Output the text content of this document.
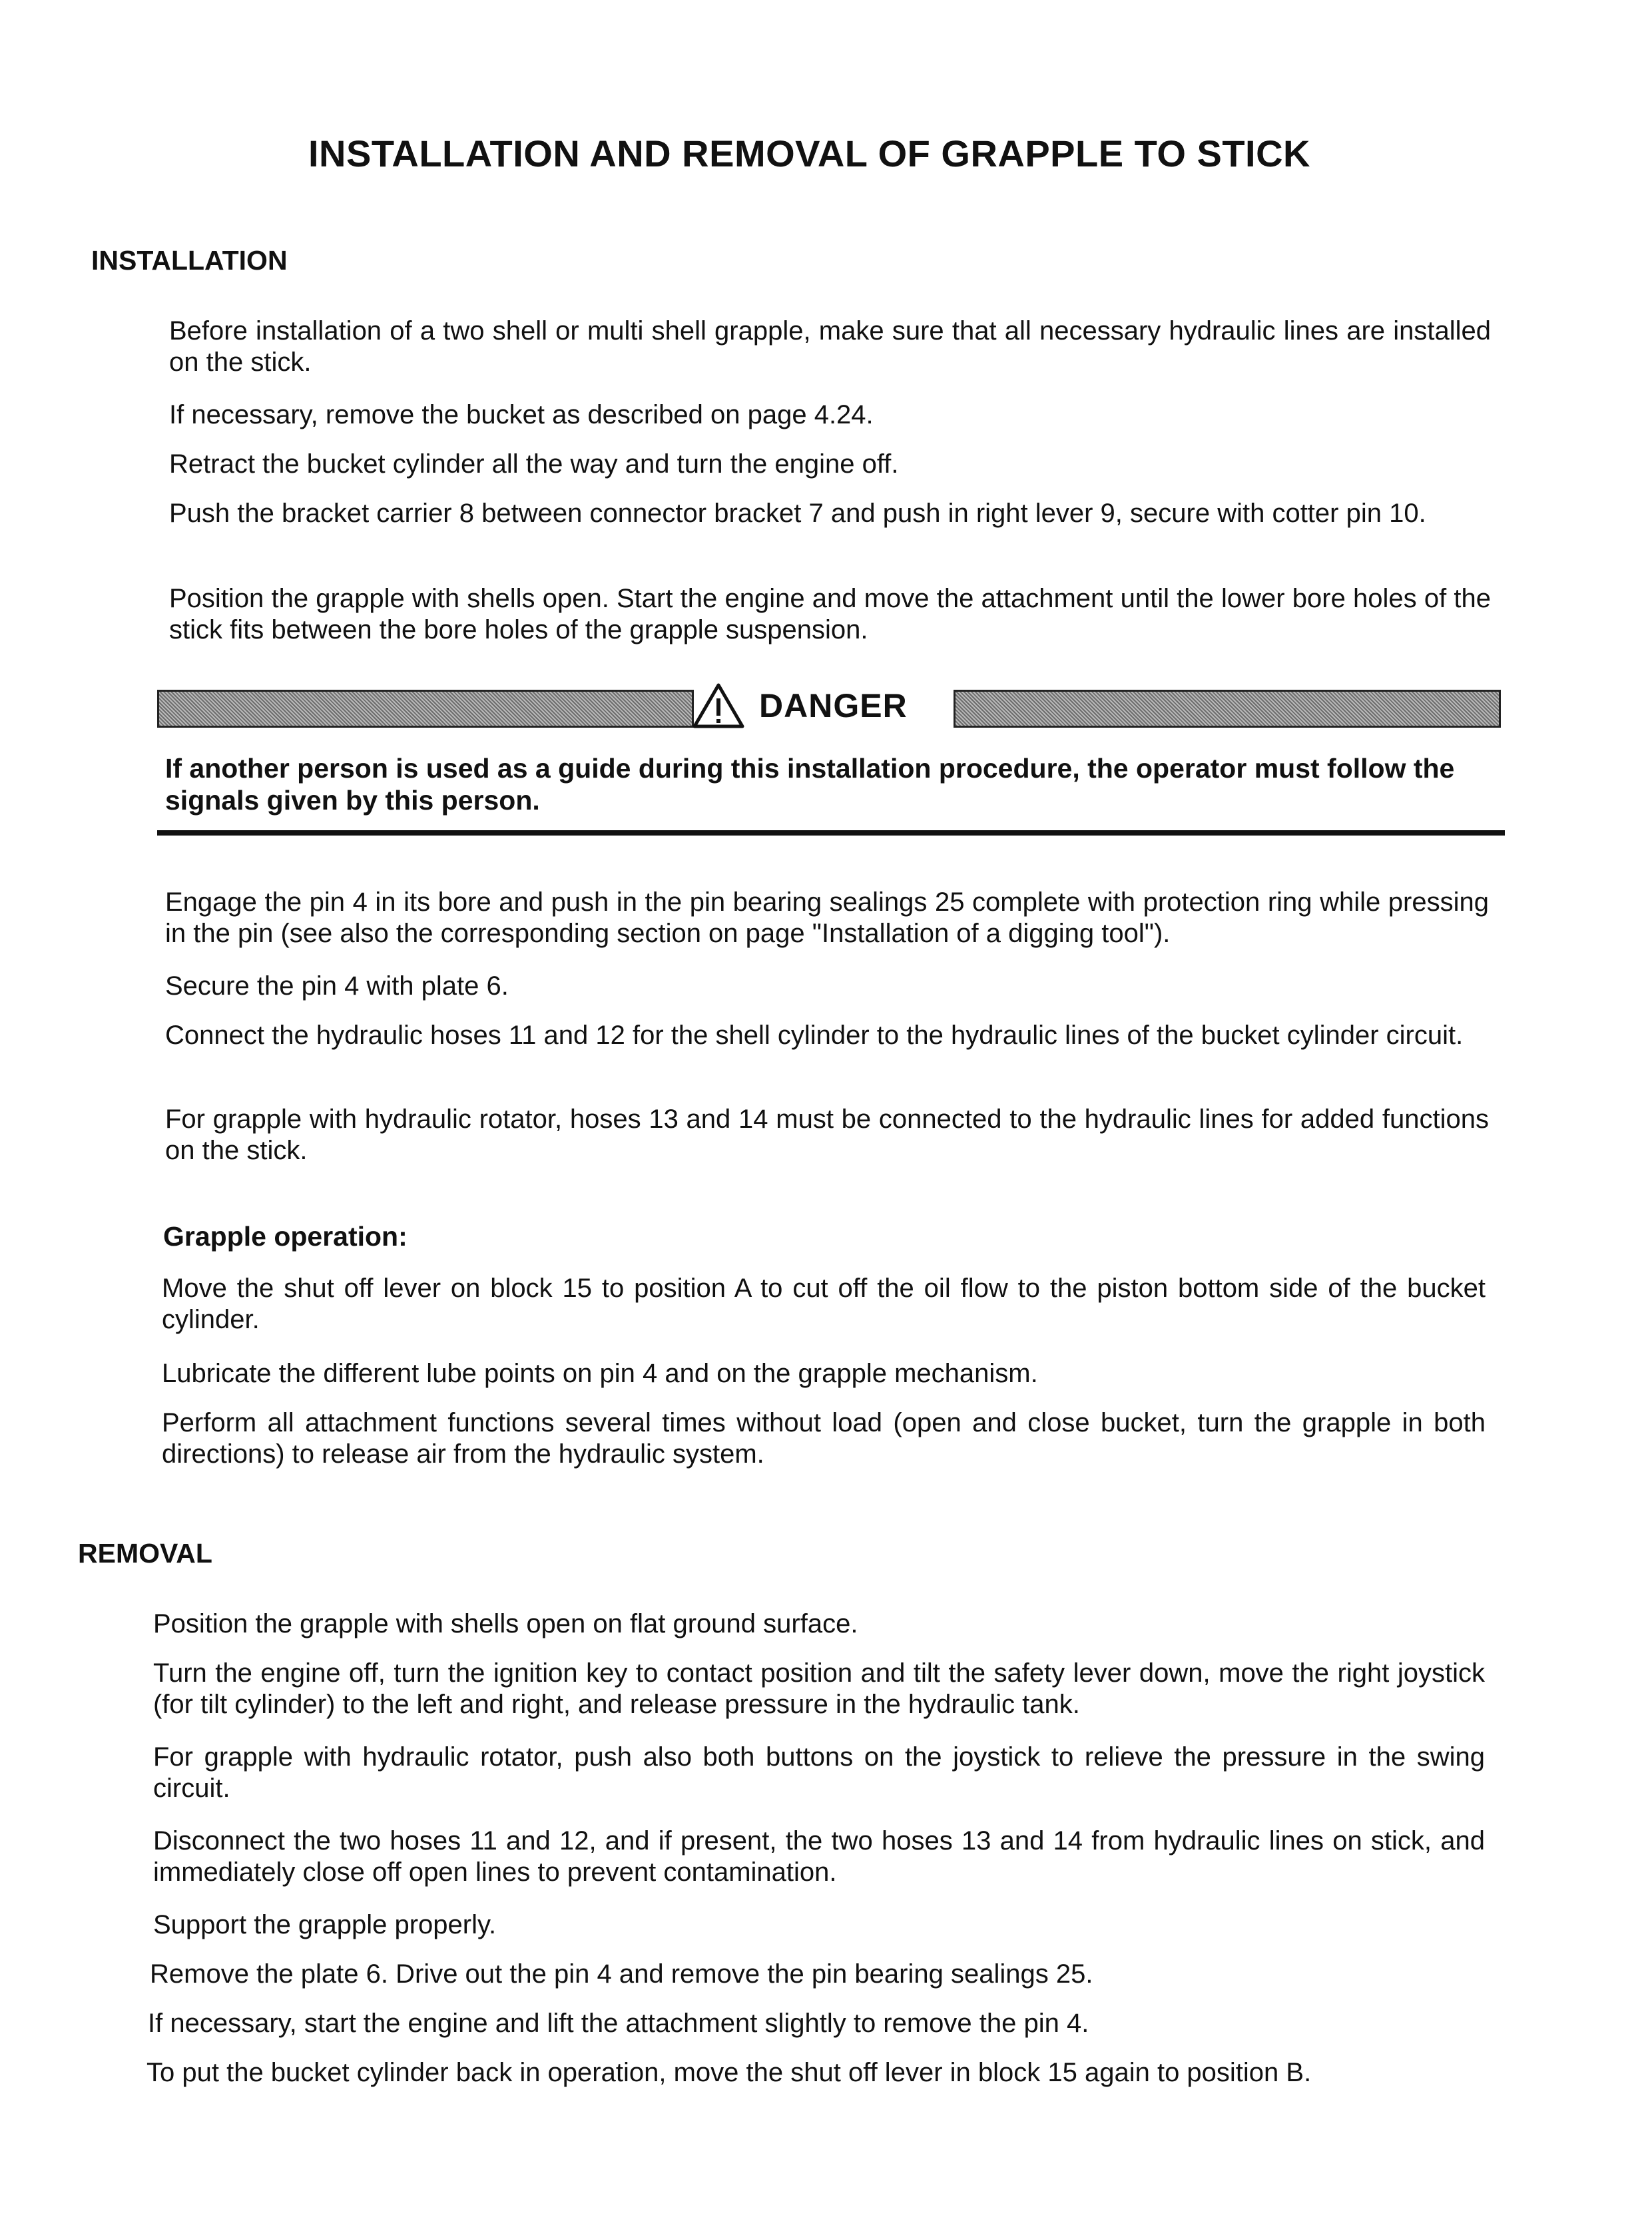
INSTALLATION AND REMOVAL OF GRAPPLE TO STICK
INSTALLATION

Before installation of a two shell or multi shell grapple, make sure that all necessary hydraulic lines are installed on the stick.

If necessary, remove the bucket as described on page 4.24.

Retract the bucket cylinder all the way and turn the engine off.

Push the bracket carrier 8 between connector bracket 7 and push in right lever 9, secure with cotter pin 10.

Position the grapple with shells open. Start the engine and move the attachment until the lower bore holes of the stick fits between the bore holes of the grapple suspension.

DANGER

If another person is used as a guide during this installation procedure, the operator must follow the signals given by this person.

Engage the pin 4 in its bore and push in the pin bearing sealings 25 complete with protection ring while pressing in the pin (see also the corresponding section on page "Installation of a digging tool").

Secure the pin 4 with plate 6.

Connect the hydraulic hoses 11 and 12 for the shell cylinder to the hydraulic lines of the bucket cylinder circuit.

For grapple with hydraulic rotator, hoses 13 and 14 must be connected to the hydraulic lines for added functions on the stick.

Grapple operation:

Move the shut off lever on block 15 to position A to cut off the oil flow to the piston bottom side of the bucket cylinder.

Lubricate the different lube points on pin 4 and on the grapple mechanism.

Perform all attachment functions several times without load (open and close bucket, turn the grapple in both directions) to release air from the hydraulic system.

REMOVAL

Position the grapple with shells open on flat ground surface.

Turn the engine off, turn the ignition key to contact position and tilt the safety lever down, move the right joystick (for tilt cylinder) to the left and right, and release pressure in the hydraulic tank.

For grapple with hydraulic rotator, push also both buttons on the joystick to relieve the pressure in the swing circuit.

Disconnect the two hoses 11 and 12, and if present, the two hoses 13 and 14 from hydraulic lines on stick, and immediately close off open lines to prevent contamination.

Support the grapple properly.

Remove the plate 6. Drive out the pin 4 and remove the pin bearing sealings 25.

If necessary, start the engine and lift the attachment slightly to remove the pin 4.

To put the bucket cylinder back in operation, move the shut off lever in block 15 again to position B.
